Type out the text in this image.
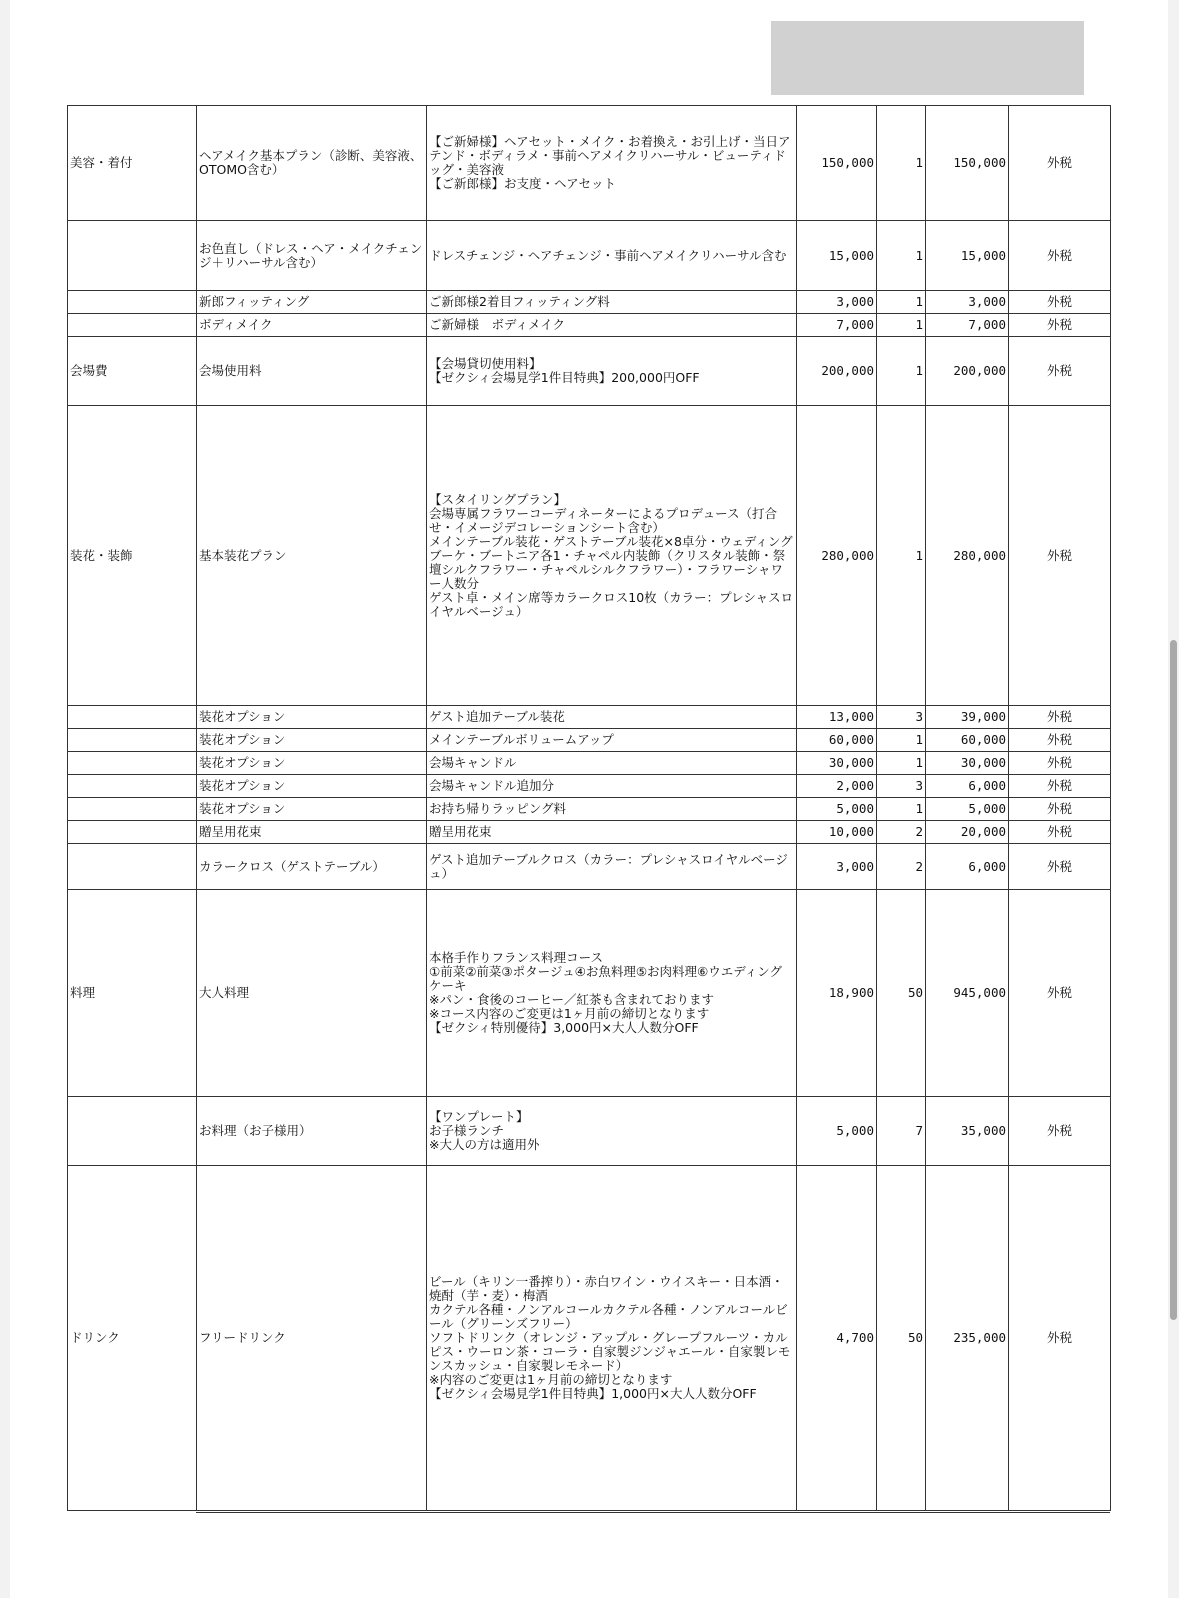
美容・着付	ヘアメイク基本プラン（診断、美容液、OTOMO含む）	【ご新婦様】ヘアセット・メイク・お着換え・お引上げ・当日アテンド・ボディラメ・事前ヘアメイクリハーサル・ビューティドッグ・美容液
【ご新郎様】お支度・ヘアセット	150,000	1	150,000	外税
	お色直し（ドレス・ヘア・メイクチェンジ＋リハーサル含む）	ドレスチェンジ・ヘアチェンジ・事前ヘアメイクリハーサル含む	15,000	1	15,000	外税
	新郎フィッティング	ご新郎様2着目フィッティング料	3,000	1	3,000	外税
	ボディメイク	ご新婦様　ボディメイク	7,000	1	7,000	外税
会場費	会場使用料	【会場貸切使用料】
【ゼクシィ会場見学1件目特典】200,000円OFF	200,000	1	200,000	外税
装花・装飾	基本装花プラン	【スタイリングプラン】
会場専属フラワーコーディネーターによるプロデュース（打合せ・イメージデコレーションシート含む）
メインテーブル装花・ゲストテーブル装花×8卓分・ウェディングブーケ・ブートニア各1・チャペル内装飾（クリスタル装飾・祭壇シルクフラワー・チャペルシルクフラワー）・フラワーシャワー人数分
ゲスト卓・メイン席等カラークロス10枚（カラー：プレシャスロイヤルベージュ）	280,000	1	280,000	外税
	装花オプション	ゲスト追加テーブル装花	13,000	3	39,000	外税
	装花オプション	メインテーブルボリュームアップ	60,000	1	60,000	外税
	装花オプション	会場キャンドル	30,000	1	30,000	外税
	装花オプション	会場キャンドル追加分	2,000	3	6,000	外税
	装花オプション	お持ち帰りラッピング料	5,000	1	5,000	外税
	贈呈用花束	贈呈用花束	10,000	2	20,000	外税
	カラークロス（ゲストテーブル）	ゲスト追加テーブルクロス（カラー：プレシャスロイヤルベージュ）	3,000	2	6,000	外税
料理	大人料理	本格手作りフランス料理コース
①前菜②前菜③ポタージュ④お魚料理⑤お肉料理⑥ウエディングケーキ
※パン・食後のコーヒー／紅茶も含まれております
※コース内容のご変更は1ヶ月前の締切となります
【ゼクシィ特別優待】3,000円×大人人数分OFF	18,900	50	945,000	外税
	お料理（お子様用）	【ワンプレート】
お子様ランチ
※大人の方は適用外	5,000	7	35,000	外税
ドリンク	フリードリンク	ビール（キリン一番搾り）・赤白ワイン・ウイスキー・日本酒・焼酎（芋・麦）・梅酒
カクテル各種・ノンアルコールカクテル各種・ノンアルコールビール（グリーンズフリー）
ソフトドリンク（オレンジ・アップル・グレープフルーツ・カルピス・ウーロン茶・コーラ・自家製ジンジャエール・自家製レモンスカッシュ・自家製レモネード）
※内容のご変更は1ヶ月前の締切となります
【ゼクシィ会場見学1件目特典】1,000円×大人人数分OFF	4,700	50	235,000	外税
